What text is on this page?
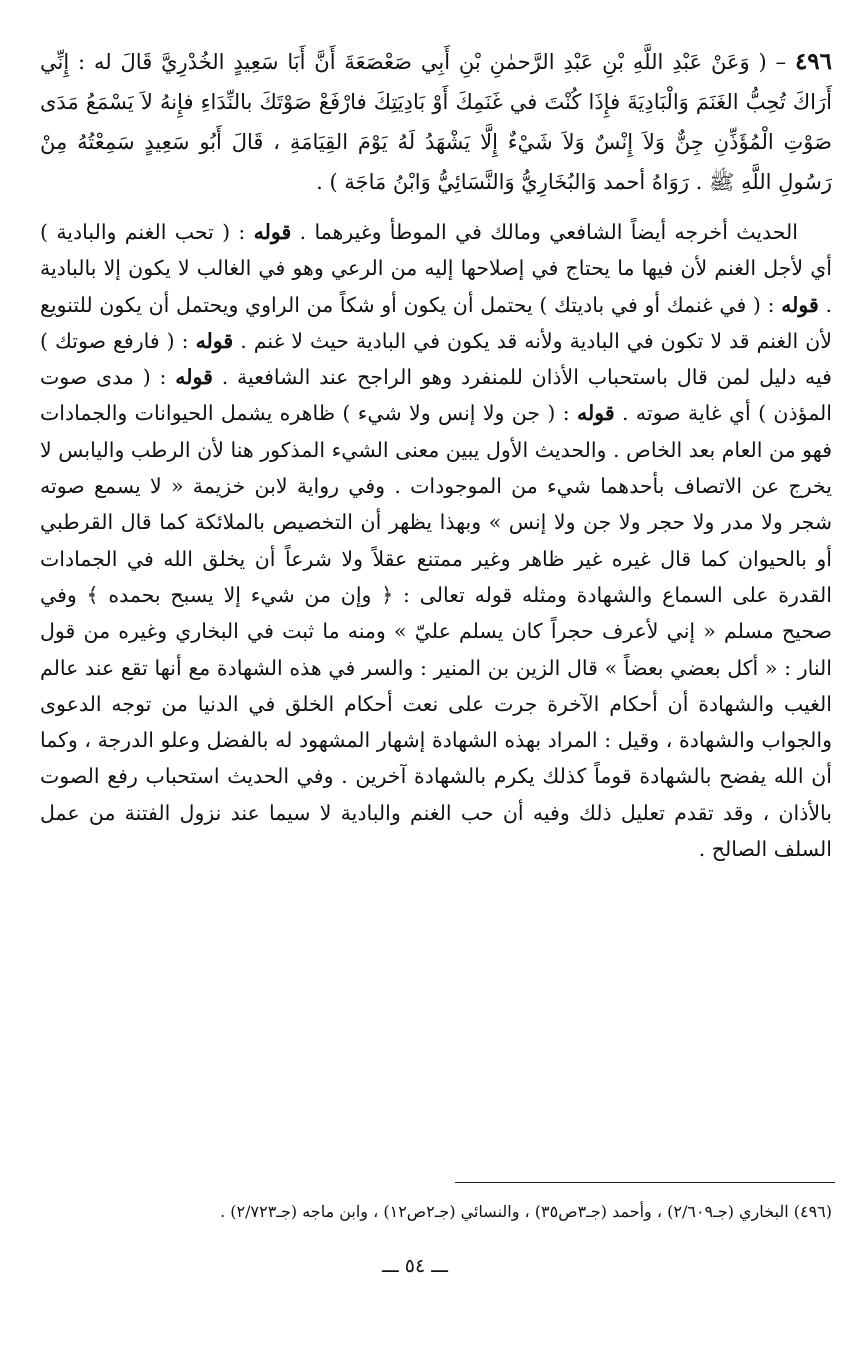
٤٩٦ – ( وَعَنْ عَبْدِ اللَّهِ بْنِ عَبْدِ الرَّحمٰنِ بْنِ أَبِي صَعْصَعَةَ أَنَّ أَبَا سَعِيدٍ الخُدْرِيَّ قَالَ له : إِنِّي أَرَاكَ تُحِبُّ الغَنَمَ وَالْبَادِيَةَ فإِذَا كُنْتَ في غَنَمِكَ أَوْ بَادِيَتِكَ فارْفَعْ صَوْتَكَ بالنِّدَاءِ فإِنهُ لاَ يَسْمَعُ مَدَى صَوْتِ الْمُؤَذِّنِ جِنٌّ وَلاَ إِنْسٌ وَلاَ شَيْءٌ إِلَّا يَشْهَدُ لَهُ يَوْمَ القِيَامَةِ ، قَالَ أَبُو سَعِيدٍ سَمِعْتُهُ مِنْ رَسُولِ اللَّهِ ﷺ . رَوَاهُ أحمد وَالبُخَارِيُّ وَالنَّسَائِيُّ وَابْنُ مَاجَة ) .

الحديث أخرجه أيضاً الشافعي ومالك في الموطأ وغيرهما . قوله : ( تحب الغنم والبادية ) أي لأجل الغنم لأن فيها ما يحتاج في إصلاحها إليه من الرعي وهو في الغالب لا يكون إلا بالبادية . قوله : ( في غنمك أو في باديتك ) يحتمل أن يكون أو شكاً من الراوي ويحتمل أن يكون للتنويع لأن الغنم قد لا تكون في البادية ولأنه قد يكون في البادية حيث لا غنم . قوله : ( فارفع صوتك ) فيه دليل لمن قال باستحباب الأذان للمنفرد وهو الراجح عند الشافعية . قوله : ( مدى صوت المؤذن ) أي غاية صوته . قوله : ( جن ولا إنس ولا شيء ) ظاهره يشمل الحيوانات والجمادات فهو من العام بعد الخاص . والحديث الأول يبين معنى الشيء المذكور هنا لأن الرطب واليابس لا يخرج عن الاتصاف بأحدهما شيء من الموجودات . وفي رواية لابن خزيمة « لا يسمع صوته شجر ولا مدر ولا حجر ولا جن ولا إنس » وبهذا يظهر أن التخصيص بالملائكة كما قال القرطبي أو بالحيوان كما قال غيره غير ظاهر وغير ممتنع عقلاً ولا شرعاً أن يخلق الله في الجمادات القدرة على السماع والشهادة ومثله قوله تعالى : ﴿ وإن من شيء إلا يسبح بحمده ﴾ وفي صحيح مسلم « إني لأعرف حجراً كان يسلم عليّ » ومنه ما ثبت في البخاري وغيره من قول النار : « أكل بعضي بعضاً » قال الزين بن المنير : والسر في هذه الشهادة مع أنها تقع عند عالم الغيب والشهادة أن أحكام الآخرة جرت على نعت أحكام الخلق في الدنيا من توجه الدعوى والجواب والشهادة ، وقيل : المراد بهذه الشهادة إشهار المشهود له بالفضل وعلو الدرجة ، وكما أن الله يفضح بالشهادة قوماً كذلك يكرم بالشهادة آخرين . وفي الحديث استحباب رفع الصوت بالأذان ، وقد تقدم تعليل ذلك وفيه أن حب الغنم والبادية لا سيما عند نزول الفتنة من عمل السلف الصالح .

(٤٩٦) البخاري (جـ٢/٦٠٩) ، وأحمد (جـ٣ص٣٥) ، والنسائي (جـ٢ص١٢) ، وابن ماجه (جـ٢/٧٢٣) .

ـــ ٥٤ ـــ
